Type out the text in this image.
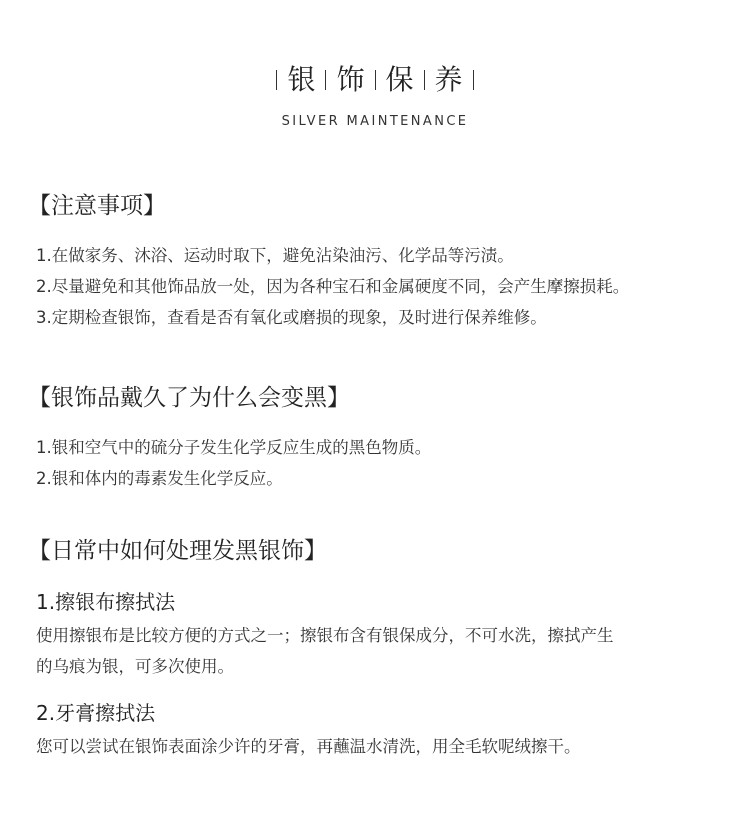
银 饰 保 养
SILVER MAINTENANCE
【注意事项】
1.在做家务、沐浴、运动时取下，避免沾染油污、化学品等污渍。
2.尽量避免和其他饰品放一处，因为各种宝石和金属硬度不同，会产生摩擦损耗。
3.定期检查银饰，查看是否有氧化或磨损的现象，及时进行保养维修。
【银饰品戴久了为什么会变黑】
1.银和空气中的硫分子发生化学反应生成的黑色物质。
2.银和体内的毒素发生化学反应。
【日常中如何处理发黑银饰】
1.擦银布擦拭法
使用擦银布是比较方便的方式之一；擦银布含有银保成分，不可水洗，擦拭产生
的乌痕为银，可多次使用。
2.牙膏擦拭法
您可以尝试在银饰表面涂少许的牙膏，再蘸温水清洗，用全毛软呢绒擦干。
